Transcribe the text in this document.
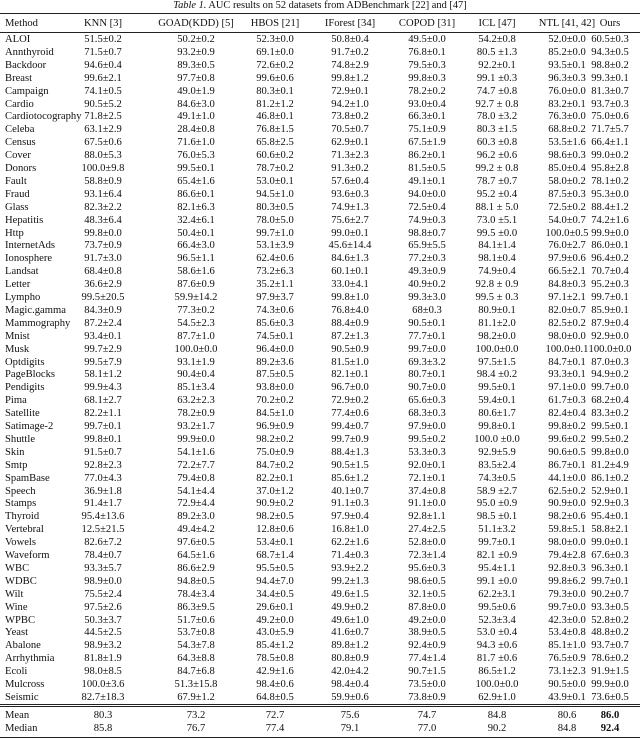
Table 1. AUC results on 52 datasets from ADBenchmark [22] and [47]
Method	KNN [3]	GOAD(KDD) [5] HBOS [21] IForest [34] COPOD [31] ICL [47] NTL [41, 42] Ours
ALOI	51.5±0.2	50.2±0.2	52.3±0.0	50.8±0.4	49.5±0.0	54.2±0.8	52.0±0.0 60.5±0.3
Annthyroid	71.5±0.7	93.2±0.9	69.1±0.0	91.7±0.2	76.8±0.1	80.5 ±1.3	85.2±0.0 94.3±0.5
Backdoor	94.6±0.4	89.3±0.5	72.6±0.2	74.8±2.9	79.5±0.3	92.2±0.1	93.5±0.1 98.8±0.2
Breast	99.6±2.1	97.7±0.8	99.6±0.6	99.8±1.2	99.8±0.3	99.1 ±0.3	96.3±0.3 99.3±0.1
Campaign	74.1±0.5	49.0±1.9	80.3±0.1	72.9±0.1	78.2±0.2	74.7 ±0.8	76.0±0.0 81.3±0.7
Cardio	90.5±5.2	84.6±3.0	81.2±1.2	94.2±1.0	93.0±0.4	92.7 ± 0.8	83.2±0.1 93.7±0.3
Cardiotocography 71.8±2.5	49.1±1.0	46.8±0.1	73.8±0.2	66.3±0.1	78.0 ±3.2	76.3±0.0 75.0±0.6
Celeba	63.1±2.9	28.4±0.8	76.8±1.5	70.5±0.7	75.1±0.9	80.3 ±1.5	68.8±0.2 71.7±5.7
Census	67.5±0.6	71.6±1.0	65.8±2.5	62.9±0.1	67.5±1.9	60.3 ±0.8	53.5±1.6 66.4±1.1
Cover	88.0±5.3	76.0±5.3	60.6±0.2	71.3±2.3	86.2±0.1	96.2 ±0.6	98.6±0.3 99.0±0.2
Donors	100.0±9.8	99.5±0.1	78.7±0.2	91.3±0.2	81.5±0.5	99.2 ± 0.8	85.0±0.4 95.8±2.8
Fault	58.8±0.9	65.4±1.6	53.0±0.1	57.6±0.4	49.1±0.1	78.7 ±0.7	58.0±0.2 78.1±0.2
Fraud	93.1±6.4	86.6±0.1	94.5±1.0	93.6±0.3	94.0±0.0	95.2 ±0.4	87.5±0.3 95.3±0.0
Glass	82.3±2.2	82.1±6.3	80.3±0.5	74.9±1.3	72.5±0.4	88.1 ± 5.0	72.5±0.2 88.4±1.2
Hepatitis	48.3±6.4	32.4±6.1	78.0±5.0	75.6±2.7	74.9±0.3	73.0 ±5.1	54.0±0.7 74.2±1.6
Http	99.8±0.0	50.4±0.1	99.7±1.0	99.0±0.1	98.8±0.7	99.5 ±0.0	100.0±0.5 99.9±0.0
InternetAds	73.7±0.9	66.4±3.0	53.1±3.9	45.6±14.4	65.9±5.5	84.1±1.4	76.0±2.7 86.0±0.1
Ionosphere	91.7±3.0	96.5±1.1	62.4±0.6	84.6±1.3	77.2±0.3	98.1±0.4	97.9±0.6 96.4±0.2
Landsat	68.4±0.8	58.6±1.6	73.2±6.3	60.1±0.1	49.3±0.9	74.9±0.4	66.5±2.1 70.7±0.4
Letter	36.6±2.9	87.6±0.9	35.2±1.1	33.0±4.1	40.9±0.2	92.8 ± 0.9	84.8±0.3 95.2±0.3
Lympho	99.5±20.5	59.9±14.2	97.9±3.7	99.8±1.0	99.3±3.0	99.5 ± 0.3	97.1±2.1 99.7±0.1
Magic.gamma 84.3±0.9	77.3±0.2	74.3±0.6	76.8±4.0	68±0.3	80.9±0.1	82.0±0.7 85.9±0.1
Mammography 87.2±2.4	54.5±2.3	85.6±0.3	88.4±0.9	90.5±0.1	81.1±2.0	82.5±0.2 87.9±0.4
Mnist	93.4±0.1	87.7±1.0	74.5±0.1	87.2±1.3	77.7±0.1	98.2±0.0	98.0±0.0 92.9±0.0
Musk	99.7±2.9	100.0±0.0	96.4±0.0	90.5±0.9	99.7±0.0	100.0±0.0	100.0±0.1 100.0±0.0
Optdigits	99.5±7.9	93.1±1.9	89.2±3.6	81.5±1.0	69.3±3.2	97.5±1.5	84.7±0.1 87.0±0.3
PageBlocks	58.1±1.2	90.4±0.4	87.5±0.5	82.1±0.1	80.7±0.1	98.4 ±0.2	93.3±0.1 94.9±0.2
Pendigits	99.9±4.3	85.1±3.4	93.8±0.0	96.7±0.0	90.7±0.0	99.5±0.1	97.1±0.0 99.7±0.0
Pima	68.1±2.7	63.2±2.3	70.2±0.2	72.9±0.2	65.6±0.3	59.4±0.1	61.7±0.3 68.2±0.4
Satellite	82.2±1.1	78.2±0.9	84.5±1.0	77.4±0.6	68.3±0.3	80.6±1.7	82.4±0.4 83.3±0.2
Satimage-2	99.7±0.1	93.2±1.7	96.9±0.9	99.4±0.7	97.9±0.0	99.8±0.1	99.8±0.2 99.5±0.1
Shuttle	99.8±0.1	99.9±0.0	98.2±0.2	99.7±0.9	99.5±0.2	100.0 ±0.0	99.6±0.2 99.5±0.2
Skin	91.5±0.7	54.1±1.6	75.0±0.9	88.4±1.3	53.3±0.3	92.9±5.9	90.6±0.5 99.8±0.0
Smtp	92.8±2.3	72.2±7.7	84.7±0.2	90.5±1.5	92.0±0.1	83.5±2.4	86.7±0.1 81.2±4.9
SpamBase	77.0±4.3	79.4±0.8	82.2±0.1	85.6±1.2	72.1±0.1	74.3±0.5	44.1±0.0 86.1±0.2
Speech	36.9±1.8	54.1±4.4	37.0±1.2	40.1±0.7	37.4±0.8	58.9 ±2.7	62.5±0.2 52.9±0.1
Stamps	91.4±1.7	72.9±4.4	90.9±0.2	91.1±0.3	91.1±0.0	95.0 ±0.9	90.9±0.0 92.9±0.3
Thyroid	95.4±13.6	89.2±3.0	98.2±0.5	97.9±0.4	92.8±1.1	98.5 ±0.1	98.2±0.6 95.4±0.1
Vertebral	12.5±21.5	49.4±4.2	12.8±0.6	16.8±1.0	27.4±2.5	51.1±3.2	59.8±5.1 58.8±2.1
Vowels	82.6±7.2	97.6±0.5	53.4±0.1	62.2±1.6	52.8±0.0	99.7±0.1	98.0±0.0 99.0±0.1
Waveform	78.4±0.7	64.5±1.6	68.7±1.4	71.4±0.3	72.3±1.4	82.1 ±0.9	79.4±2.8 67.6±0.3
WBC	93.3±5.7	86.6±2.9	95.5±0.5	93.9±2.2	95.6±0.3	95.4±1.1	92.8±0.3 96.3±0.1
WDBC	98.9±0.0	94.8±0.5	94.4±7.0	99.2±1.3	98.6±0.5	99.1 ±0.0	99.8±6.2 99.7±0.1
Wilt	75.5±2.4	78.4±3.4	34.4±0.5	49.6±1.5	32.1±0.5	62.2±3.1	79.3±0.0 90.2±0.7
Wine	97.5±2.6	86.3±9.5	29.6±0.1	49.9±0.2	87.8±0.0	99.5±0.6	99.7±0.0 93.3±0.5
WPBC	50.3±3.7	51.7±0.6	49.2±0.0	49.6±1.0	49.2±0.0	52.3±3.4	42.3±0.0 52.8±0.2
Yeast	44.5±2.5	53.7±0.8	43.0±5.9	41.6±0.7	38.9±0.5	53.0 ±0.4	53.4±0.8 48.8±0.2
Abalone	98.9±3.2	54.3±7.8	85.4±1.2	89.8±1.2	92.4±0.9	94.3 ±0.6	85.1±1.0 93.7±0.7
Arrhythmia	81.8±1.9	64.3±8.8	78.5±0.8	80.8±0.9	77.4±1.4	81.7 ±0.6	76.5±0.9 78.6±0.2
Ecoli	98.0±8.5	84.7±6.8	42.9±1.6	42.0±4.2	90.7±1.5	86.5±1.2	73.1±2.3 91.9±1.5
Mulcross	100.0±3.6	51.3±15.8	98.4±0.6	98.4±0.4	73.5±0.0	100.0±0.0	90.5±0.0 99.9±0.0
Seismic	82.7±18.3	67.9±1.2	64.8±0.5	59.9±0.6	73.8±0.9	62.9±1.0	43.9±0.1 73.6±0.5
Mean	80.3	73.2	72.7	75.6	74.7	84.8	80.6 86.0
Median	85.8	76.7	77.4	79.1	77.0	90.2	84.8 92.4
